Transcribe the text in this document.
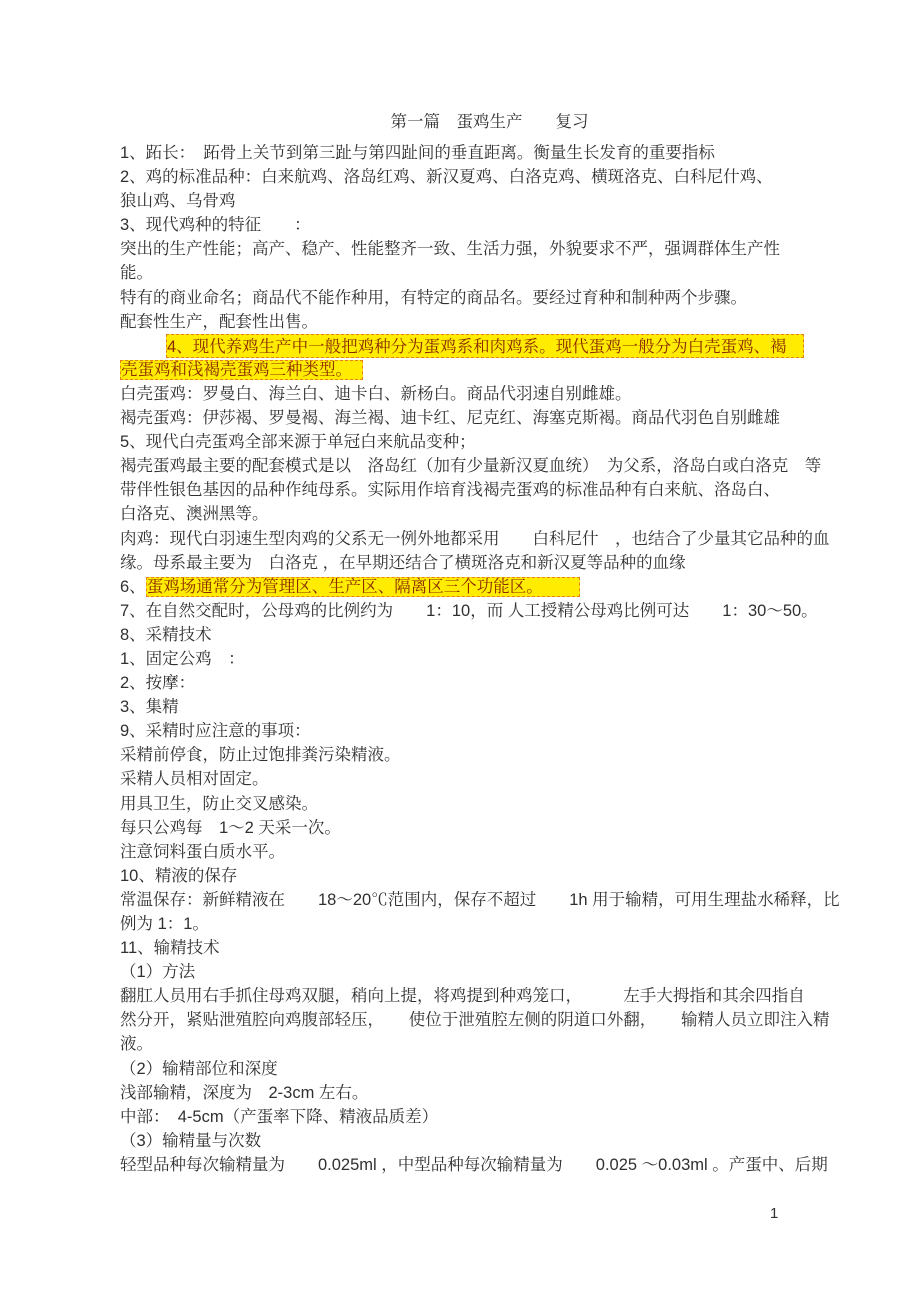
第一篇　蛋鸡生产　　复习
1、跖长：　跖骨上关节到第三趾与第四趾间的垂直距离。衡量生长发育的重要指标
2、鸡的标准品种：白来航鸡、洛岛红鸡、新汉夏鸡、白洛克鸡、横斑洛克、白科尼什鸡、
狼山鸡、乌骨鸡
3、现代鸡种的特征　　：
突出的生产性能；高产、稳产、性能整齐一致、生活力强，外貌要求不严，强调群体生产性
能。
特有的商业命名；商品代不能作种用，有特定的商品名。要经过育种和制种两个步骤。
配套性生产，配套性出售。
4、现代养鸡生产中一般把鸡种分为蛋鸡系和肉鸡系。现代蛋鸡一般分为白壳蛋鸡、褐
壳蛋鸡和浅褐壳蛋鸡三种类型。
白壳蛋鸡：罗曼白、海兰白、迪卡白、新杨白。商品代羽速自别雌雄。
褐壳蛋鸡：伊莎褐、罗曼褐、海兰褐、迪卡红、尼克红、海塞克斯褐。商品代羽色自别雌雄
5、现代白壳蛋鸡全部来源于单冠白来航品变种；
褐壳蛋鸡最主要的配套模式是以　洛岛红（加有少量新汉夏血统）　为父系，洛岛白或白洛克　等
带伴性银色基因的品种作纯母系。实际用作培育浅褐壳蛋鸡的标准品种有白来航、洛岛白、
白洛克、澳洲黑等。
肉鸡：现代白羽速生型肉鸡的父系无一例外地都采用　　白科尼什　，也结合了少量其它品种的血
缘。母系最主要为　白洛克 ，在早期还结合了横斑洛克和新汉夏等品种的血缘
6、蛋鸡场通常分为管理区、生产区、隔离区三个功能区。
7、在自然交配时，公母鸡的比例约为　　1：10，而 人工授精公母鸡比例可达　　1：30～50。
8、采精技术
1、固定公鸡　：
2、按摩：
3、集精
9、采精时应注意的事项：
采精前停食，防止过饱排粪污染精液。
采精人员相对固定。
用具卫生，防止交叉感染。
每只公鸡每　1～2 天采一次。
注意饲料蛋白质水平。
10、精液的保存
常温保存：新鲜精液在　　18～20℃范围内，保存不超过　　1h 用于输精，可用生理盐水稀释，比
例为 1：1。
11、输精技术
（1）方法
翻肛人员用右手抓住母鸡双腿，稍向上提，将鸡提到种鸡笼口，　　　左手大拇指和其余四指自
然分开，紧贴泄殖腔向鸡腹部轻压，　　使位于泄殖腔左侧的阴道口外翻，　　输精人员立即注入精
液。
（2）输精部位和深度
浅部输精，深度为　2-3cm 左右。
中部：　4-5cm（产蛋率下降、精液品质差）
（3）输精量与次数
轻型品种每次输精量为　　0.025ml ，中型品种每次输精量为　　0.025 ～0.03ml 。产蛋中、后期
1
